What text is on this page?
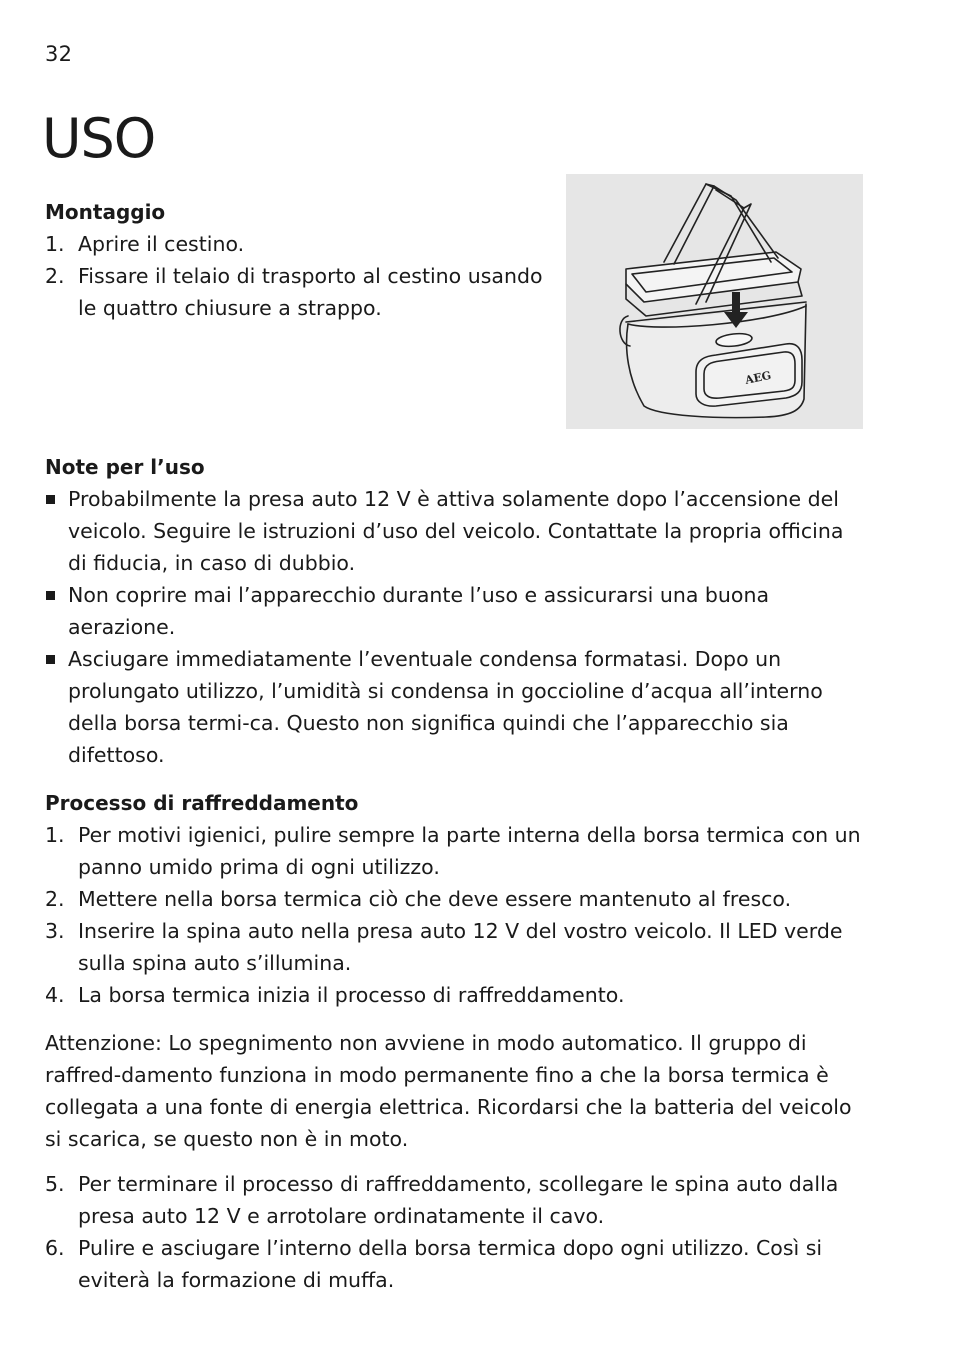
32
USO
AEG
Montaggio
1. Aprire il cestino.
2. Fissare il telaio di trasporto al cestino usando le quattro chiusure a strappo.
Note per l’uso
Probabilmente la presa auto 12 V è attiva solamente dopo l’accensione del veicolo. Seguire le istruzioni d’uso del veicolo. Contattate la propria officina di fiducia, in caso di dubbio.
Non coprire mai l’apparecchio durante l’uso e assicurarsi una buona aerazione.
Asciugare immediatamente l’eventuale condensa formatasi. Dopo un prolungato utilizzo, l’umidità si condensa in goccioline d’acqua all’interno della borsa termi-ca. Questo non significa quindi che l’apparecchio sia difettoso.
Processo di raffreddamento
1. Per motivi igienici, pulire sempre la parte interna della borsa termica con un panno umido prima di ogni utilizzo.
2. Mettere nella borsa termica ciò che deve essere mantenuto al fresco.
3. Inserire la spina auto nella presa auto 12 V del vostro veicolo. Il LED verde sulla spina auto s’illumina.
4. La borsa termica inizia il processo di raffreddamento.

Attenzione: Lo spegnimento non avviene in modo automatico. Il gruppo di raffred-damento funziona in modo permanente fino a che la borsa termica è collegata a una fonte di energia elettrica. Ricordarsi che la batteria del veicolo si scarica, se questo non è in moto.

5. Per terminare il processo di raffreddamento, scollegare le spina auto dalla presa auto 12 V e arrotolare ordinatamente il cavo.
6. Pulire e asciugare l’interno della borsa termica dopo ogni utilizzo. Così si eviterà la formazione di muffa.
